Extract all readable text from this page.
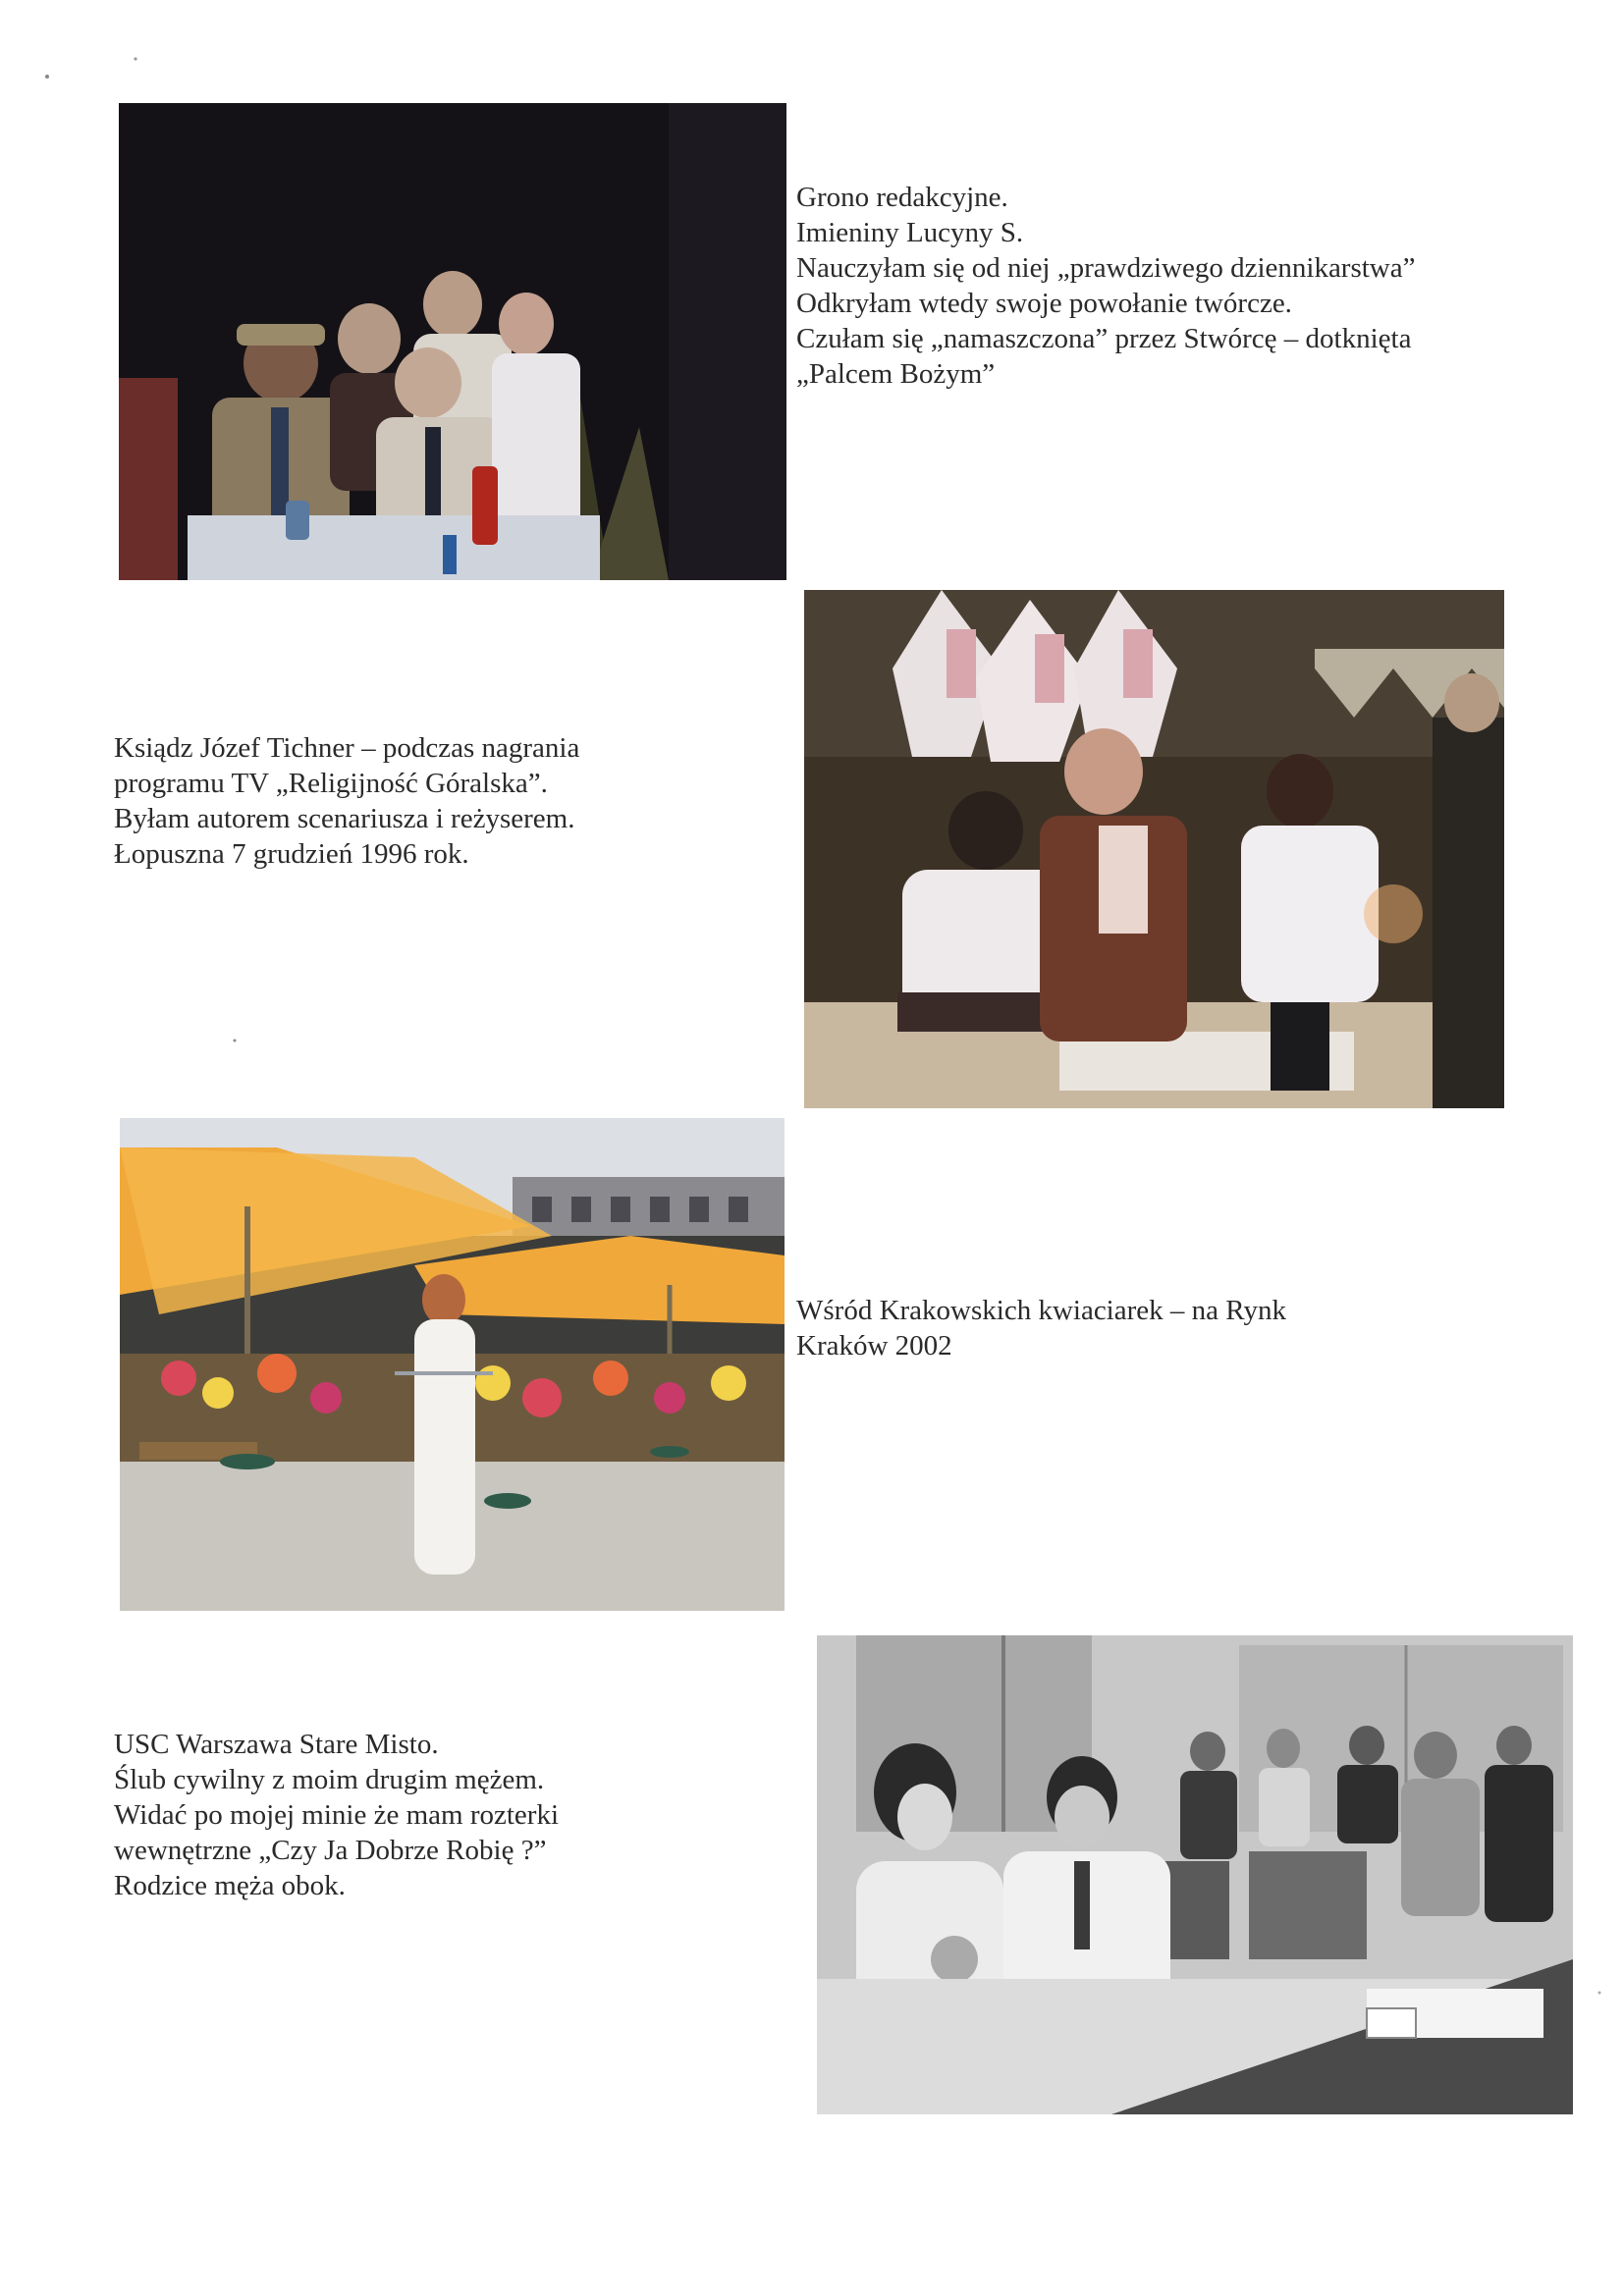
Grono redakcyjne.
Imieniny Lucyny S.
Nauczyłam się od niej „prawdziwego dziennikarstwa”
Odkryłam wtedy swoje powołanie twórcze.
Czułam się „namaszczona” przez Stwórcę – dotknięta
„Palcem Bożym”
Ksiądz Józef Tichner – podczas nagrania
programu TV „Religijność Góralska”.
Byłam autorem scenariusza i reżyserem.
Łopuszna 7 grudzień 1996 rok.
Wśród Krakowskich kwiaciarek – na Rynk
Kraków 2002
USC Warszawa Stare Misto.
Ślub cywilny z moim drugim mężem.
Widać po mojej minie że mam rozterki
wewnętrzne „Czy Ja Dobrze Robię ?”
Rodzice męża obok.
